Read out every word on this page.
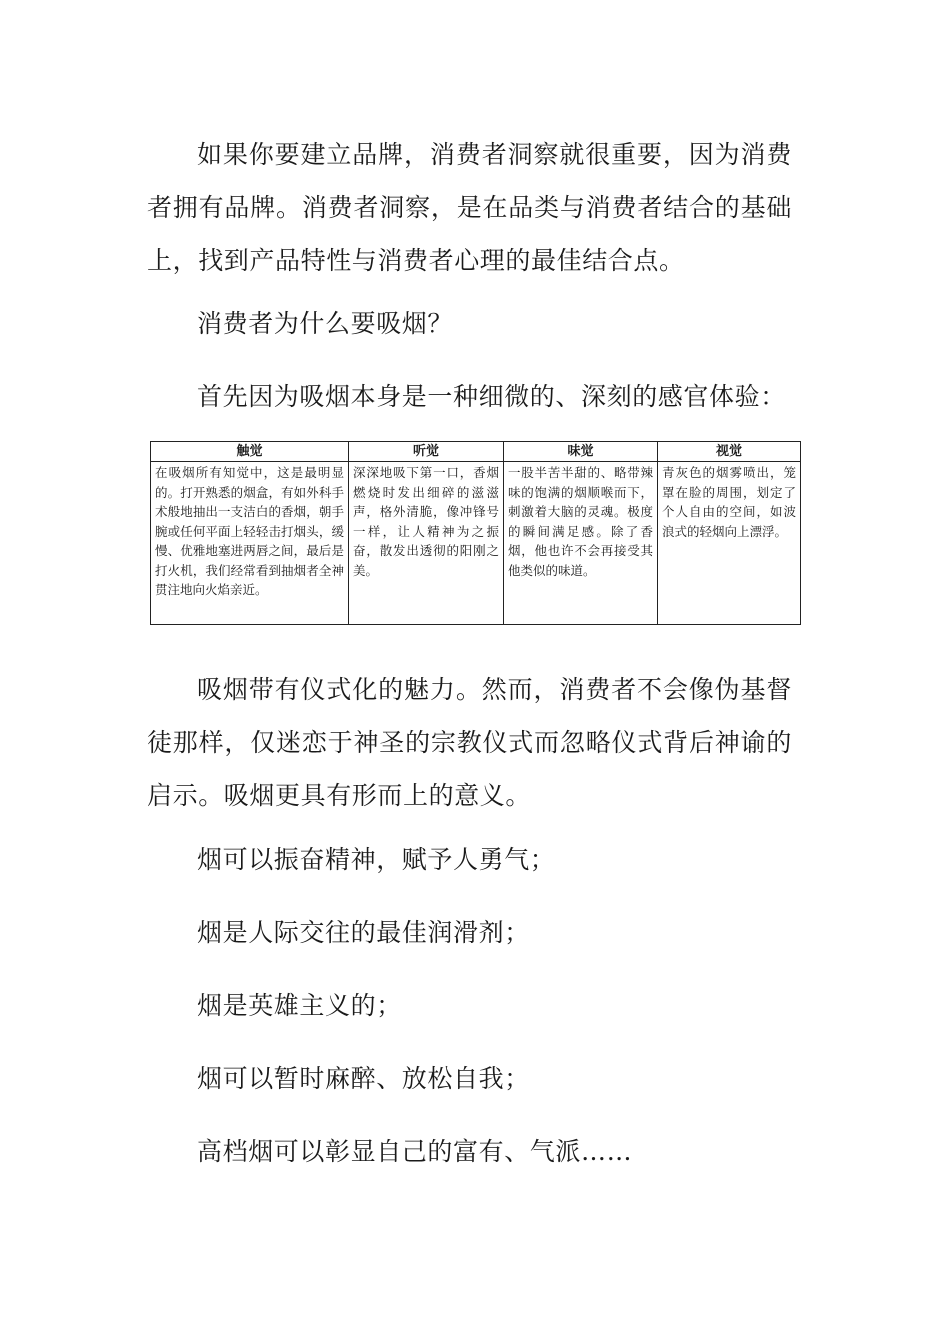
如果你要建立品牌，消费者洞察就很重要，因为消费者拥有品牌。消费者洞察，是在品类与消费者结合的基础上，找到产品特性与消费者心理的最佳结合点。

消费者为什么要吸烟？

首先因为吸烟本身是一种细微的、深刻的感官体验：

触觉	听觉	味觉	视觉
在吸烟所有知觉中，这是最明显的。打开熟悉的烟盒，有如外科手术般地抽出一支洁白的香烟，朝手腕或任何平面上轻轻击打烟头，缓慢、优雅地塞进两唇之间，最后是打火机，我们经常看到抽烟者全神贯注地向火焰亲近。	深深地吸下第一口，香烟燃烧时发出细碎的滋滋声，格外清脆，像冲锋号一样，让人精神为之振奋，散发出透彻的阳刚之美。	一股半苦半甜的、略带辣味的饱满的烟顺喉而下，刺激着大脑的灵魂。极度的瞬间满足感。除了香烟，他也许不会再接受其他类似的味道。	青灰色的烟雾喷出，笼罩在脸的周围，划定了个人自由的空间，如波浪式的轻烟向上漂浮。

吸烟带有仪式化的魅力。然而，消费者不会像伪基督徒那样，仅迷恋于神圣的宗教仪式而忽略仪式背后神谕的启示。吸烟更具有形而上的意义。

烟可以振奋精神，赋予人勇气；

烟是人际交往的最佳润滑剂；

烟是英雄主义的；

烟可以暂时麻醉、放松自我；

高档烟可以彰显自己的富有、气派……
